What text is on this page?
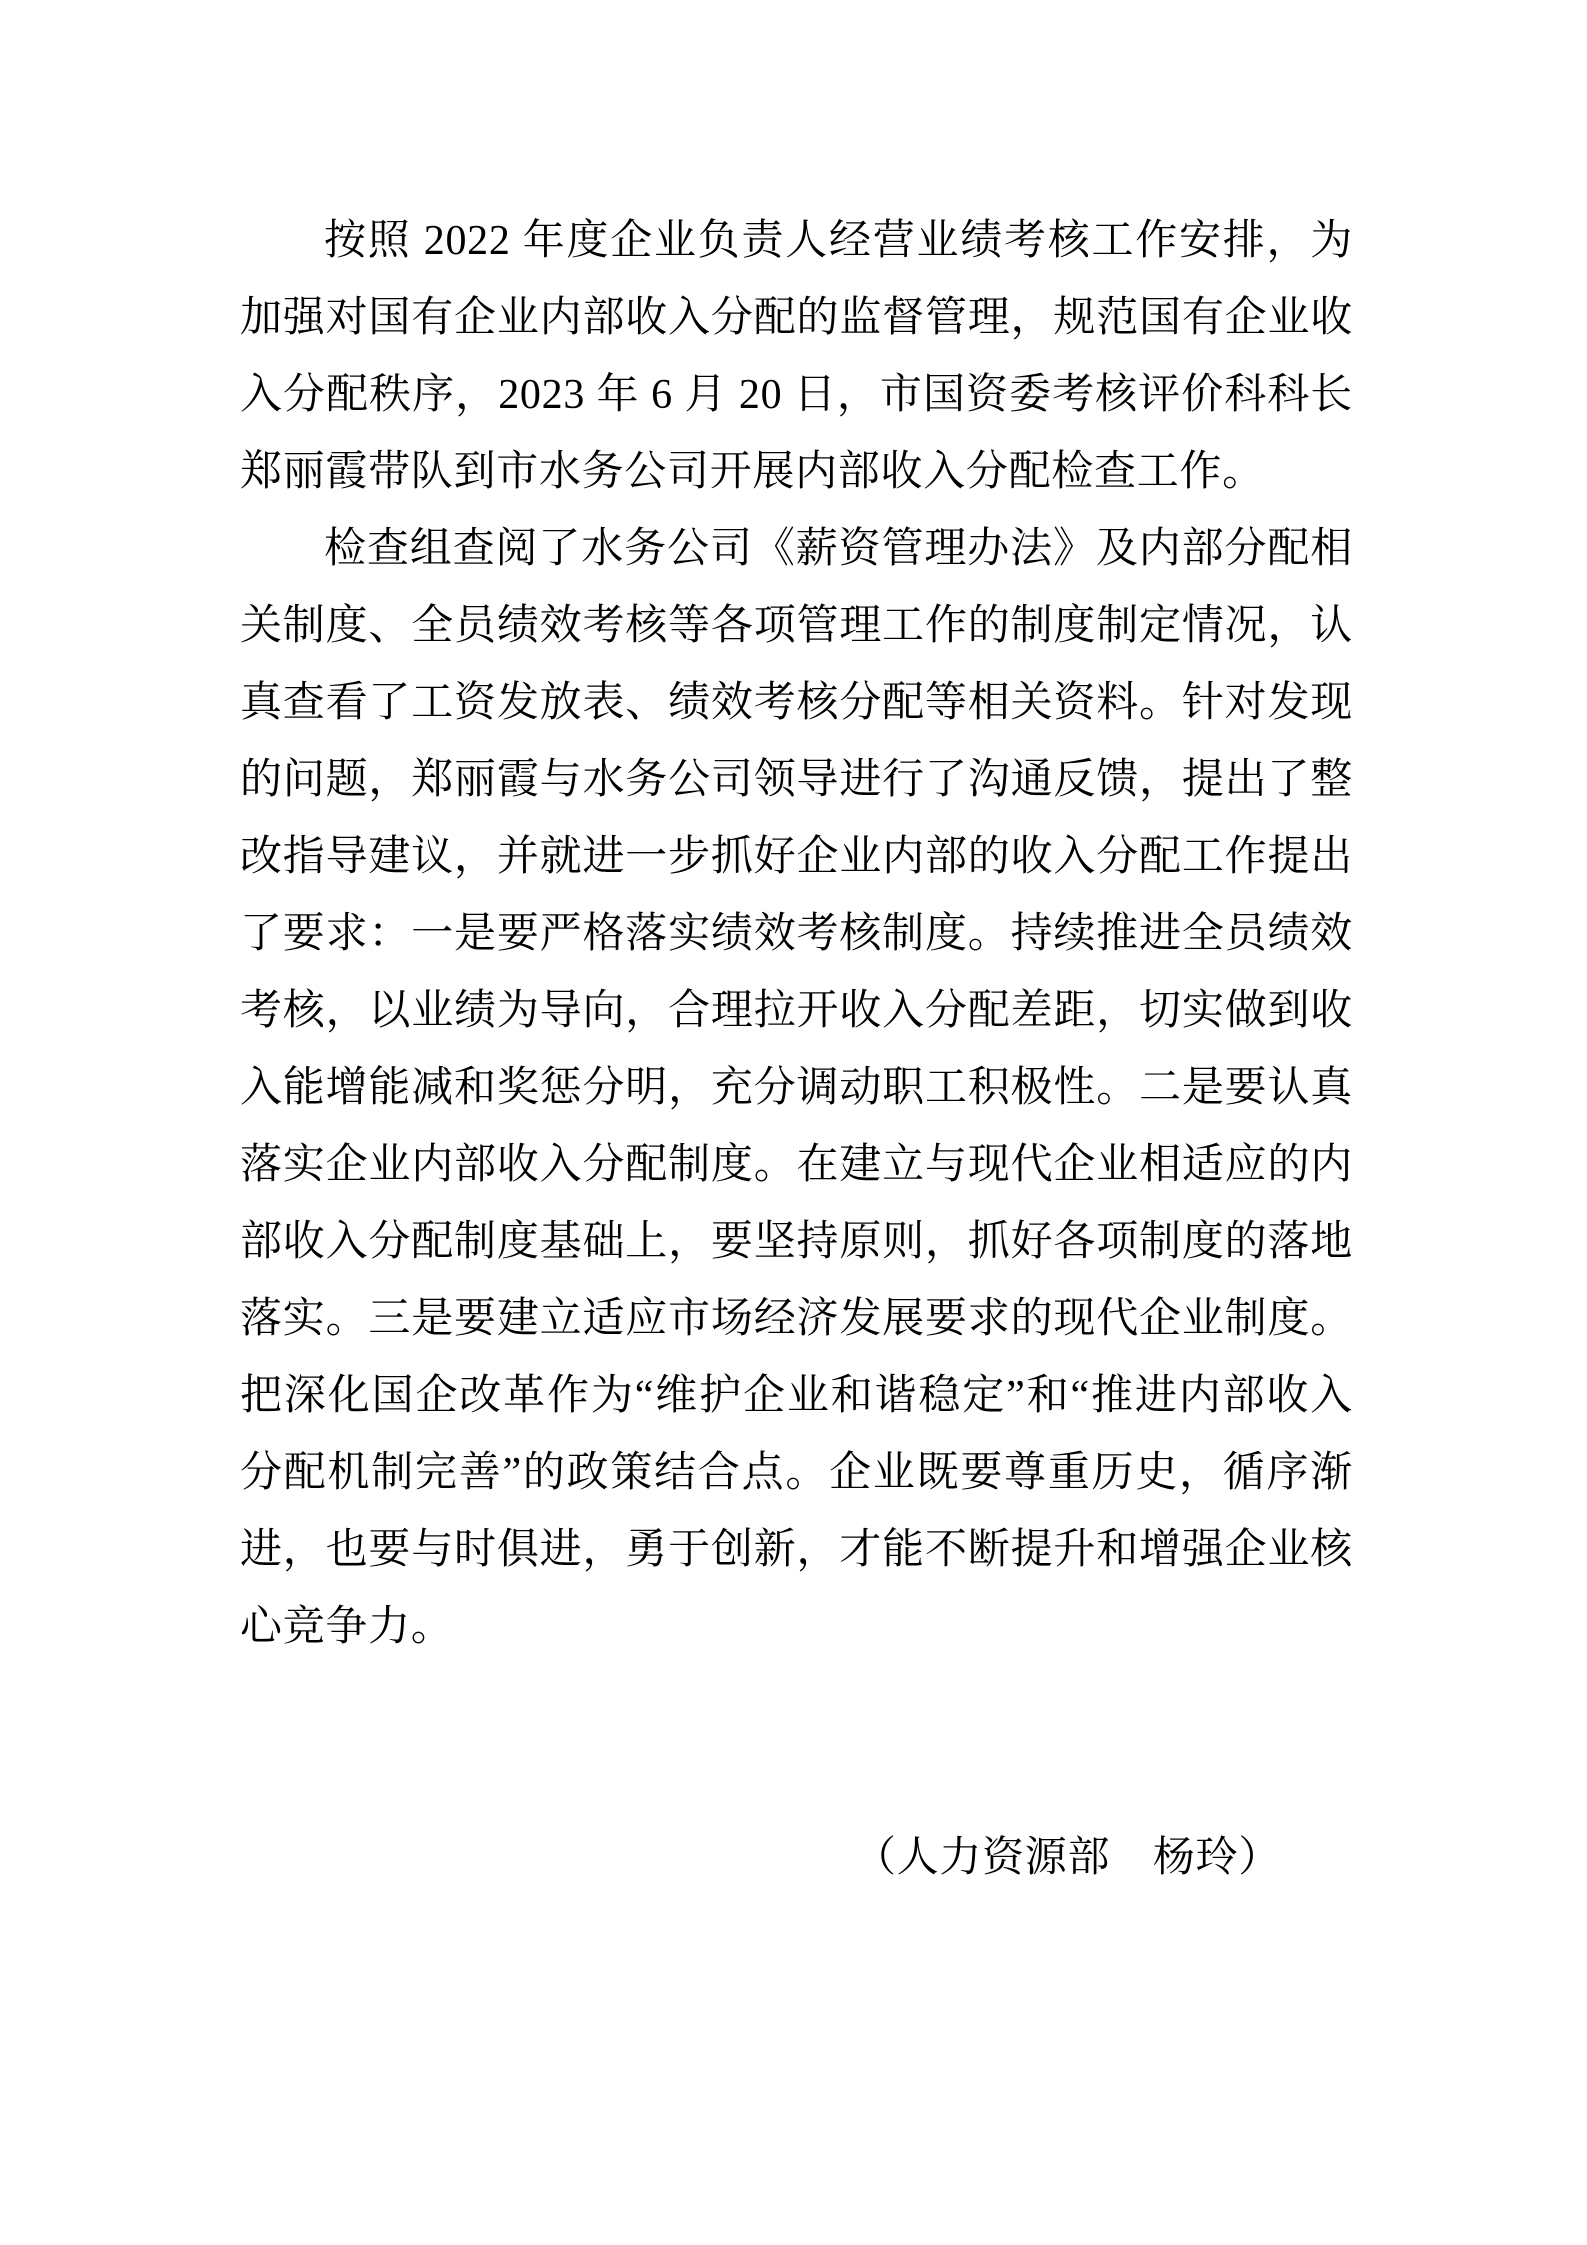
按照 2022 年度企业负责人经营业绩考核工作安排，为加强对国有企业内部收入分配的监督管理，规范国有企业收入分配秩序，2023 年 6 月 20 日，市国资委考核评价科科长郑丽霞带队到市水务公司开展内部收入分配检查工作。

检查组查阅了水务公司《薪资管理办法》及内部分配相关制度、全员绩效考核等各项管理工作的制度制定情况，认真查看了工资发放表、绩效考核分配等相关资料。针对发现的问题，郑丽霞与水务公司领导进行了沟通反馈，提出了整改指导建议，并就进一步抓好企业内部的收入分配工作提出了要求：一是要严格落实绩效考核制度。持续推进全员绩效考核，以业绩为导向，合理拉开收入分配差距，切实做到收入能增能减和奖惩分明，充分调动职工积极性。二是要认真落实企业内部收入分配制度。在建立与现代企业相适应的内部收入分配制度基础上，要坚持原则，抓好各项制度的落地落实。三是要建立适应市场经济发展要求的现代企业制度。把深化国企改革作为“维护企业和谐稳定”和“推进内部收入分配机制完善”的政策结合点。企业既要尊重历史，循序渐进，也要与时俱进，勇于创新，才能不断提升和增强企业核心竞争力。

（人力资源部　杨玲）
